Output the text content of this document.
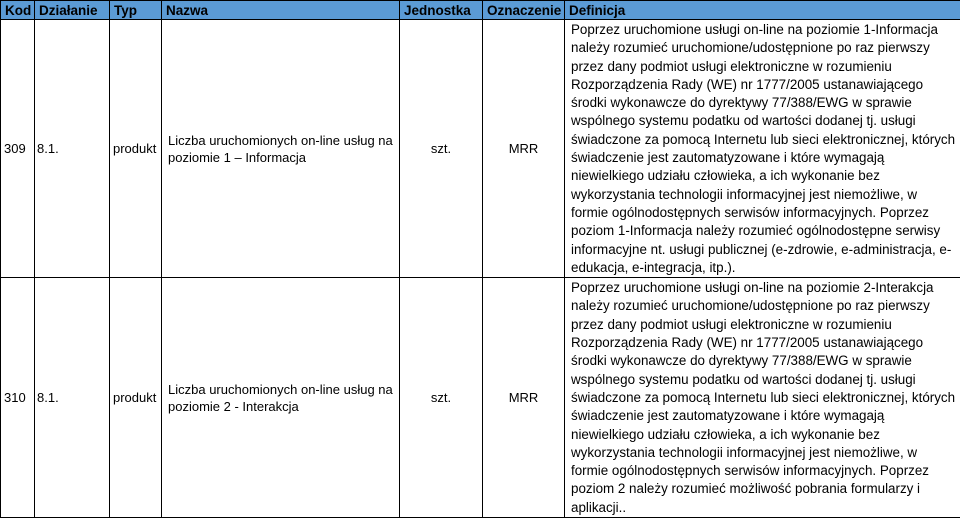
Kod	Działanie	Typ	Nazwa	Jednostka	Oznaczenie	Definicja
309	8.1.	produkt	Liczba uruchomionych on-line usług na poziomie 1 – Informacja	szt.	MRR	Poprzez uruchomione usługi on-line na poziomie 1-Informacja należy rozumieć uruchomione/udostępnione po raz pierwszy przez dany podmiot usługi elektroniczne w rozumieniu Rozporządzenia Rady (WE) nr 1777/2005 ustanawiającego środki wykonawcze do dyrektywy 77/388/EWG w sprawie wspólnego systemu podatku od wartości dodanej tj. usługi świadczone za pomocą Internetu lub sieci elektronicznej, których świadczenie jest zautomatyzowane i które wymagają niewielkiego udziału człowieka, a ich wykonanie bez wykorzystania technologii informacyjnej jest niemożliwe, w formie ogólnodostępnych serwisów informacyjnych. Poprzez poziom 1-Informacja należy rozumieć ogólnodostępne serwisy informacyjne nt. usługi publicznej (e-zdrowie, e-administracja, e-edukacja, e-integracja, itp.).
310	8.1.	produkt	Liczba uruchomionych on-line usług na poziomie 2 - Interakcja	szt.	MRR	Poprzez uruchomione usługi on-line na poziomie 2-Interakcja należy rozumieć uruchomione/udostępnione po raz pierwszy przez dany podmiot usługi elektroniczne w rozumieniu Rozporządzenia Rady (WE) nr 1777/2005 ustanawiającego środki wykonawcze do dyrektywy 77/388/EWG w sprawie wspólnego systemu podatku od wartości dodanej tj. usługi świadczone za pomocą Internetu lub sieci elektronicznej, których świadczenie jest zautomatyzowane i które wymagają niewielkiego udziału człowieka, a ich wykonanie bez wykorzystania technologii informacyjnej jest niemożliwe, w formie ogólnodostępnych serwisów informacyjnych. Poprzez poziom 2 należy rozumieć możliwość pobrania formularzy i aplikacji..
